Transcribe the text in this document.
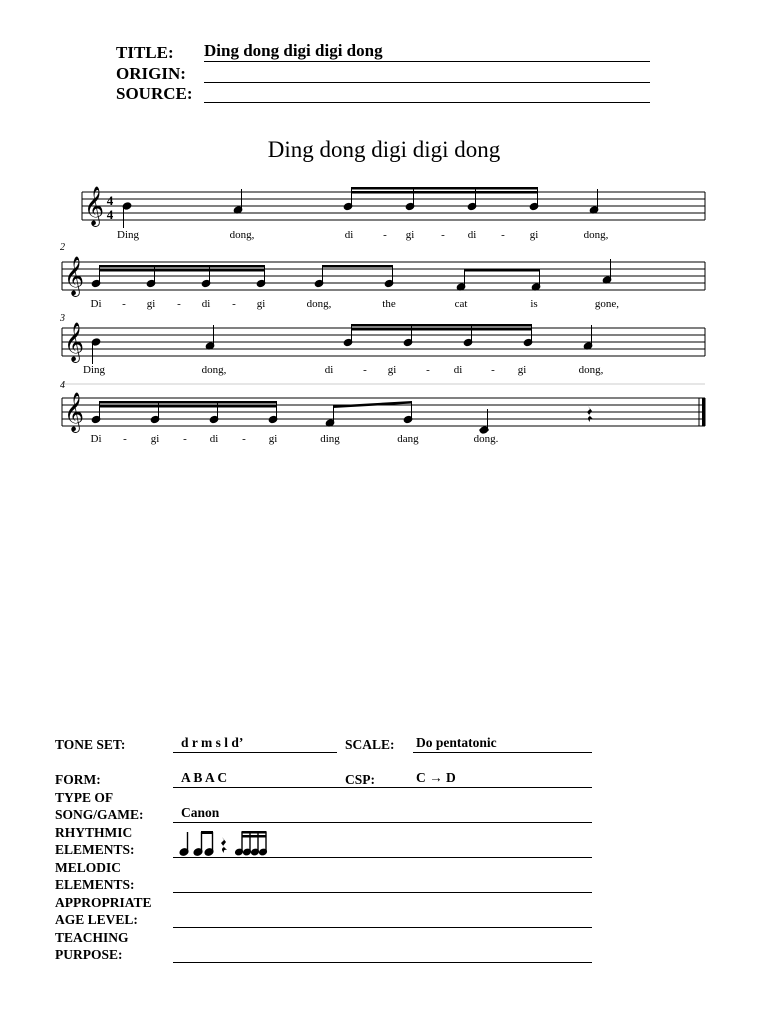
TITLE: Ding dong digi digi dong
ORIGIN:
SOURCE:
Ding dong digi digi dong
𝄞 4
4
2
𝄞
3
𝄞
4
𝄞
Ding	dong,	di	- gi - di - gi	dong,
Di - gi - di - gi	dong,	the	cat	is	gone,
Ding	dong,	di	- gi	- di	- gi	dong,
Di - gi - di - gi	ding	dang	dong.
TONE SET:	d r m s l d’	SCALE: Do pentatonic
FORM:	A B A C	CSP:	C → D
TYPE OF
SONG/GAME:	Canon
RHYTHMIC
ELEMENTS:
MELODIC
ELEMENTS:
APPROPRIATE
AGE LEVEL:
TEACHING
PURPOSE:
